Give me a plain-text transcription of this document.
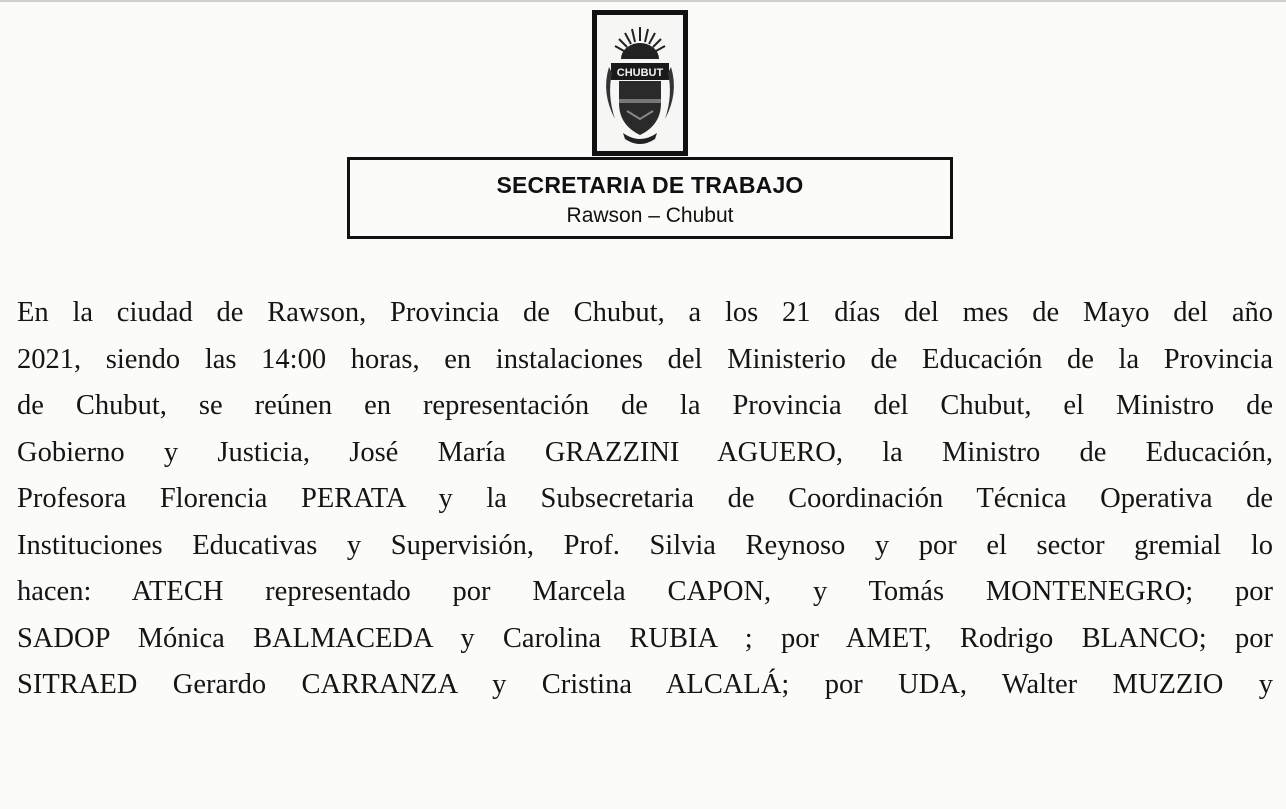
CHUBUT
SECRETARIA DE TRABAJO
Rawson – Chubut
En la ciudad de Rawson, Provincia de Chubut, a los 21 días del mes de Mayo del año
2021, siendo las 14:00 horas, en instalaciones del Ministerio de Educación de la Provincia
de Chubut, se reúnen en representación de la Provincia del Chubut, el Ministro de
Gobierno y Justicia, José María GRAZZINI AGUERO, la Ministro de Educación,
Profesora Florencia PERATA y la Subsecretaria de Coordinación Técnica Operativa de
Instituciones Educativas y Supervisión, Prof. Silvia Reynoso y por el sector gremial lo
hacen: ATECH representado por Marcela CAPON, y Tomás MONTENEGRO; por
SADOP Mónica BALMACEDA y Carolina RUBIA ; por AMET, Rodrigo BLANCO; por
SITRAED Gerardo CARRANZA y Cristina ALCALÁ; por UDA, Walter MUZZIO y
